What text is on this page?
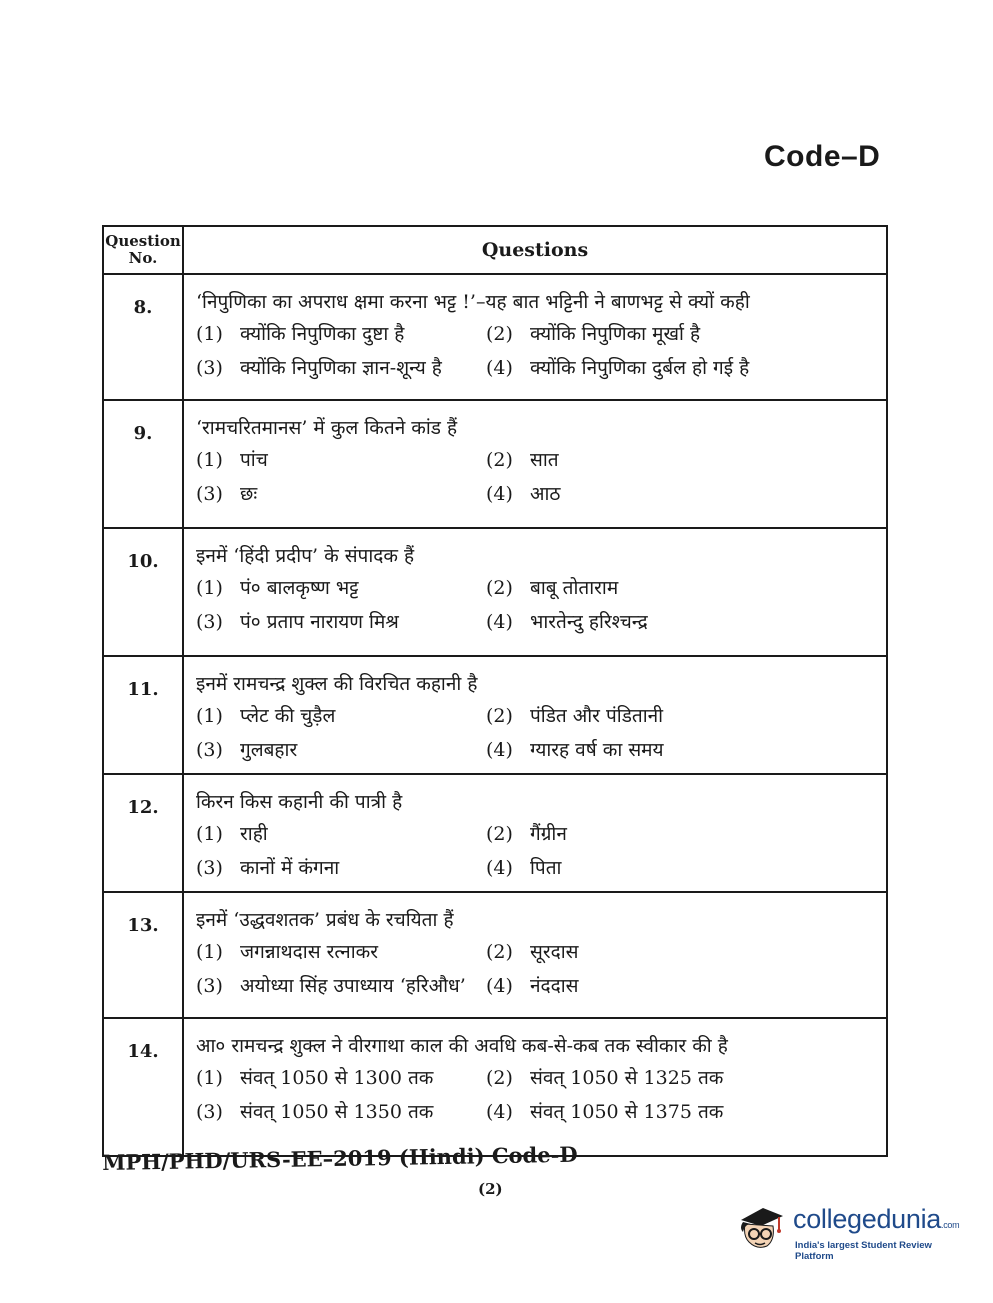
Code–D
Question No.	Questions
8.	‘निपुणिका का अपराध क्षमा करना भट्ट !’–यह बात भट्टिनी ने बाणभट्ट से क्यों कही
(1) क्योंकि निपुणिका दुष्टा है (2) क्योंकि निपुणिका मूर्खा है
(3) क्योंकि निपुणिका ज्ञान-शून्य है (4) क्योंकि निपुणिका दुर्बल हो गई है

9.	‘रामचरितमानस’ में कुल कितने कांड हैं
(1) पांच (2) सात
(3) छः (4) आठ

10.	इनमें ‘हिंदी प्रदीप’ के संपादक हैं
(1) पं० बालकृष्ण भट्ट (2) बाबू तोताराम
(3) पं० प्रताप नारायण मिश्र (4) भारतेन्दु हरिश्चन्द्र

11.	इनमें रामचन्द्र शुक्ल की विरचित कहानी है
(1) प्लेट की चुड़ैल (2) पंडित और पंडितानी
(3) गुलबहार (4) ग्यारह वर्ष का समय

12.	किरन किस कहानी की पात्री है
(1) राही (2) गैंग्रीन
(3) कानों में कंगना (4) पिता

13.	इनमें ‘उद्धवशतक’ प्रबंध के रचयिता हैं
(1) जगन्नाथदास रत्नाकर (2) सूरदास
(3) अयोध्या सिंह उपाध्याय ‘हरिऔध’ (4) नंददास

14.	आ० रामचन्द्र शुक्ल ने वीरगाथा काल की अवधि कब-से-कब तक स्वीकार की है
(1) संवत् 1050 से 1300 तक (2) संवत् 1050 से 1325 तक
(3) संवत् 1050 से 1350 तक (4) संवत् 1050 से 1375 तक
MPH/PHD/URS-EE–2019 (Hindi) Code-D
(2)
collegedunia.com
India's largest Student Review Platform
